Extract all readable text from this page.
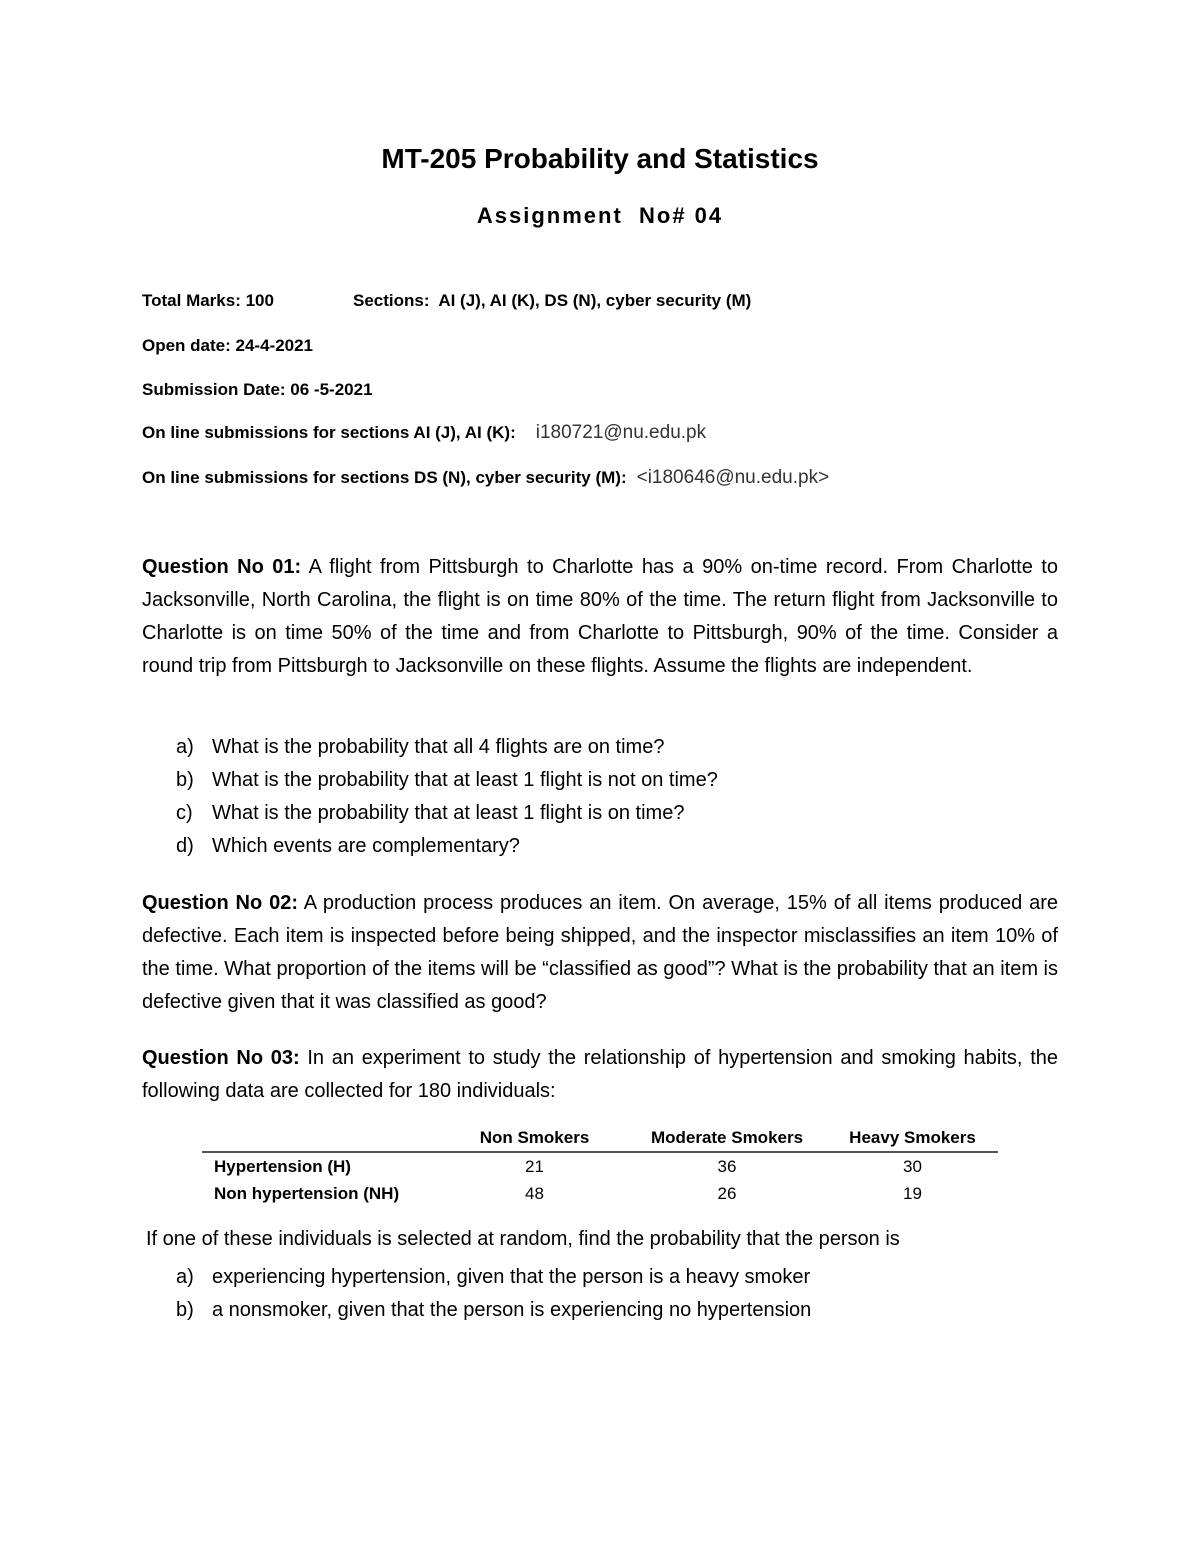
MT-205 Probability and Statistics
Assignment  No# 04
Total Marks: 100	Sections:  AI (J), AI (K), DS (N), cyber security (M)
Open date: 24-4-2021
Submission Date: 06 -5-2021
On line submissions for sections AI (J), AI (K): i180721@nu.edu.pk
On line submissions for sections DS (N), cyber security (M): <i180646@nu.edu.pk>
Question No 01: A flight from Pittsburgh to Charlotte has a 90% on-time record. From Charlotte to Jacksonville, North Carolina, the flight is on time 80% of the time. The return flight from Jacksonville to Charlotte is on time 50% of the time and from Charlotte to Pittsburgh, 90% of the time. Consider a round trip from Pittsburgh to Jacksonville on these flights. Assume the flights are independent.
a) What is the probability that all 4 flights are on time?
b) What is the probability that at least 1 flight is not on time?
c) What is the probability that at least 1 flight is on time?
d) Which events are complementary?
Question No 02: A production process produces an item. On average, 15% of all items produced are defective. Each item is inspected before being shipped, and the inspector misclassifies an item 10% of the time. What proportion of the items will be “classified as good”? What is the probability that an item is defective given that it was classified as good?
Question No 03: In an experiment to study the relationship of hypertension and smoking habits, the following data are collected for 180 individuals:
	Non Smokers	Moderate Smokers	Heavy Smokers
Hypertension (H)	21	36	30
Non hypertension (NH)	48	26	19
If one of these individuals is selected at random, find the probability that the person is
a) experiencing hypertension, given that the person is a heavy smoker
b) a nonsmoker, given that the person is experiencing no hypertension
